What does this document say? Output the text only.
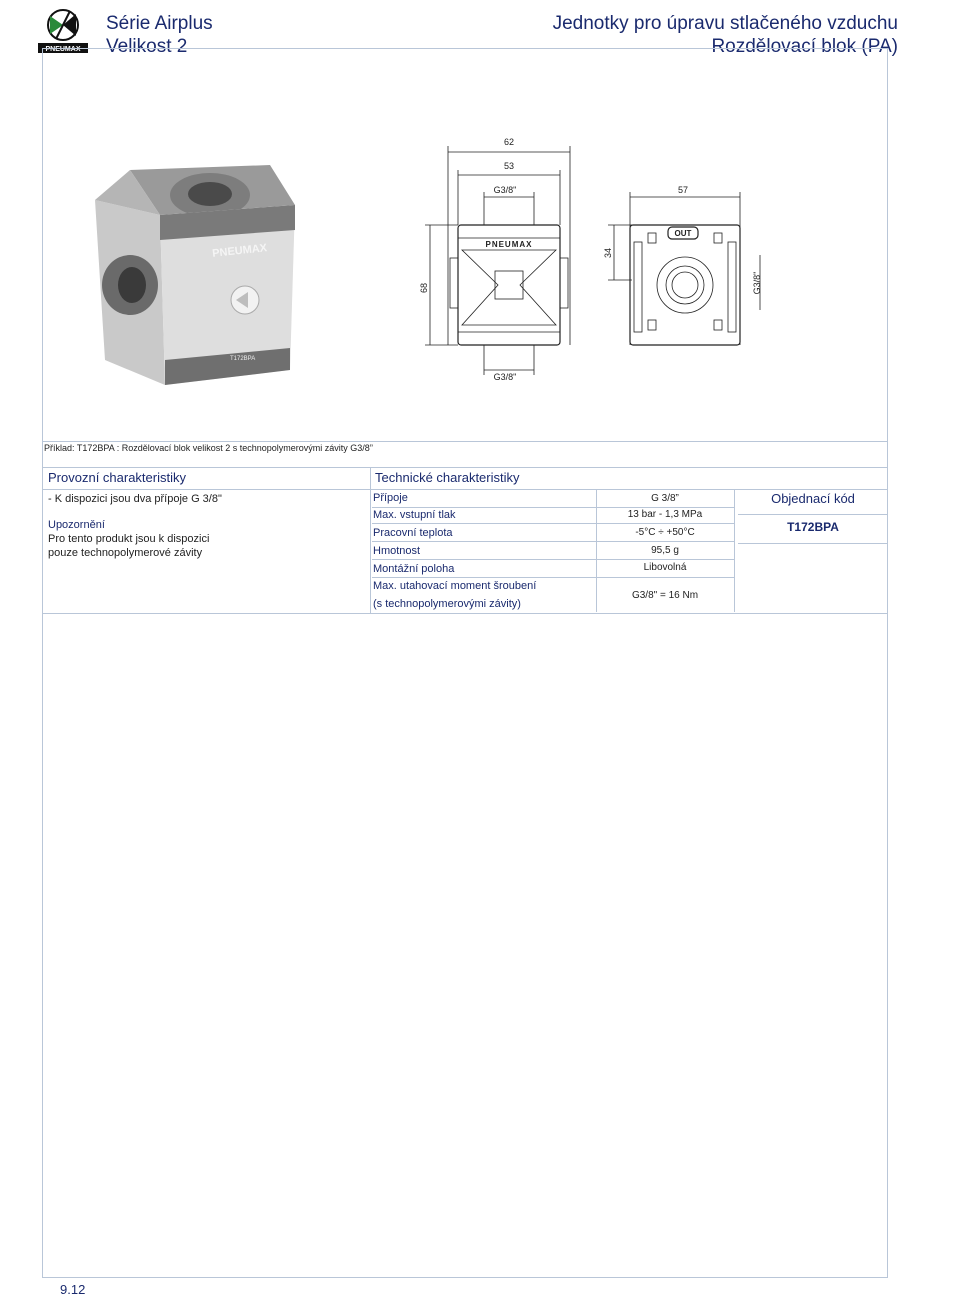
PNEUMAX
Série Airplus
Velikost 2
Jednotky pro úpravu stlačeného vzduchu
Rozdělovací blok (PA)
PNEUMAX
T172BPA
62
53
G3/8"	57
68
34
G3/8"
G3/8"
OUT
PNEUMAX
Příklad: T172BPA : Rozdělovací blok velikost 2 s technopolymerovými závity G3/8”
Provozní charakteristiky
- K dispozici jsou dva přípoje G 3/8"
Upozornění
Pro tento produkt jsou k dispozici
pouze technopolymerové závity
Technické charakteristiky
Přípoje	G 3/8”
Max. vstupní tlak	13 bar - 1,3 MPa
Pracovní teplota	-5°C ÷ +50°C
Hmotnost	95,5 g
Montážní poloha	Libovolná
Max. utahovací moment šroubení
(s technopolymerovými závity)
G3/8" = 16 Nm
Objednací kód
T172BPA
9.12
